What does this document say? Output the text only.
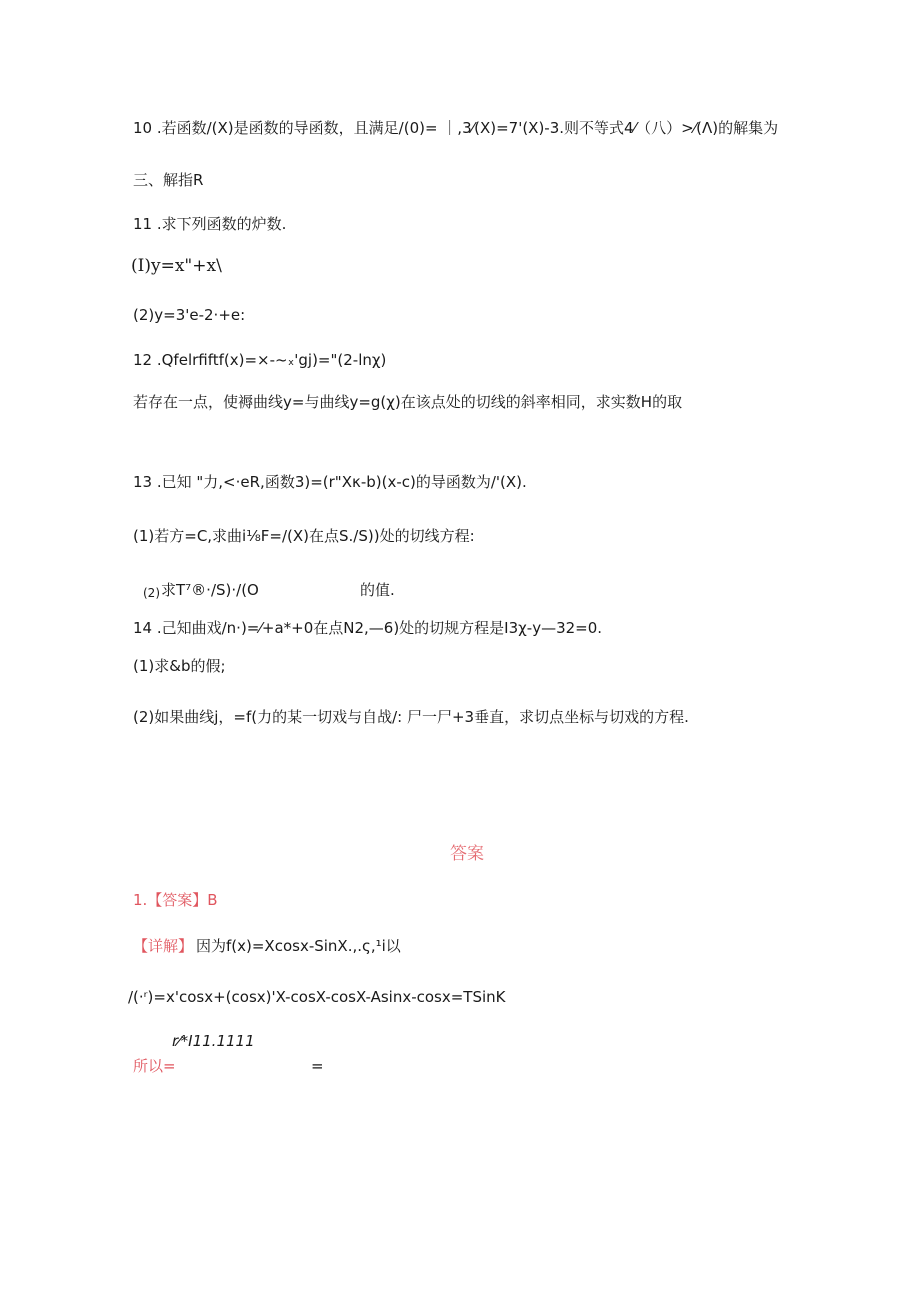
10 .若函数/(X)是函数的导函数，且满足/(0)= ｜,3⁄(X)=7'(X)-3.则不等式4⁄（八）>⁄(Λ)的解集为
三、解指R
11 .求下列函数的炉数.
(I)y=x"+x\
(2)y=3'e-2·+e:
12 .Qfelrfiftf(x)=×-~ₓ'gj)="(2-lnχ)
若存在一点，使褥曲线y=与曲线y=g(χ)在该点处的切线的斜率相同，求实数H的取
13 .已知 "力,<·eR,函数3)=(r"Xκ-b)(x-c)的导函数为/'(X).
(1)若方=C,求曲i⅛F=/(X)在点S./S))处的切线方程:
(2) 求T⁷®·/S)·/(O	的值.
14 .己知曲戏/n·)=⁄+a*+0在点N2,—6)处的切规方程是I3χ-y—32=0.
(1)求&b的假;
(2)如果曲线j，=f(力的某一切戏与自战/: 尸一尸+3垂直，求切点坐标与切戏的方程.
答案
1.【答案】B
【详解】 因为f(x)=Xcosx-SinX.,.ς,¹i以
/(·ʳ)=x'cosx+(cosx)'X-cosX-cosX-Asinx-cosx=TSinK
r⁄*I11.1111
所以=	=
